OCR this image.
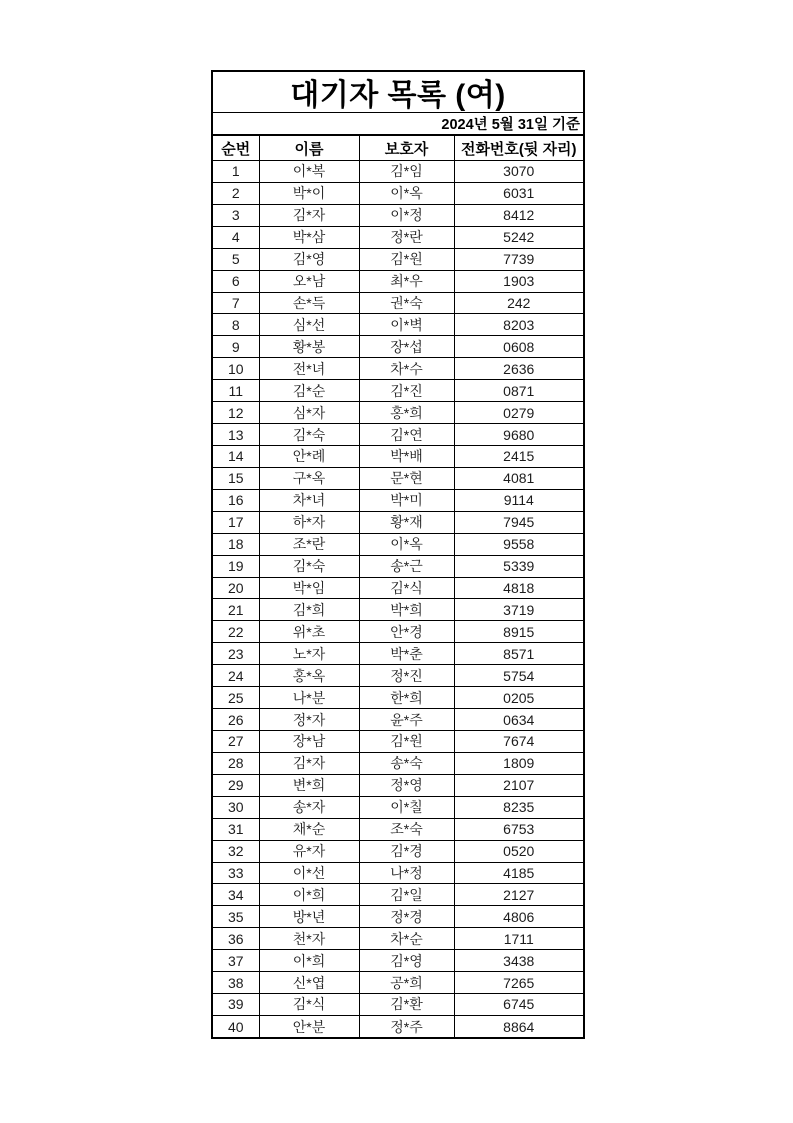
대기자 목록 (여)
2024년 5월 31일 기준
순번	이름	보호자	전화번호(뒷 자리)
1	이*복	김*임	3070
2	박*이	이*옥	6031
3	김*자	이*정	8412
4	박*삼	정*란	5242
5	김*영	김*원	7739
6	오*남	최*우	1903
7	손*득	권*숙	242
8	심*선	이*벽	8203
9	황*봉	장*섭	0608
10	전*녀	차*수	2636
11	김*순	김*진	0871
12	심*자	홍*희	0279
13	김*숙	김*연	9680
14	안*례	박*배	2415
15	구*옥	문*현	4081
16	차*녀	박*미	9114
17	하*자	황*재	7945
18	조*란	이*옥	9558
19	김*숙	송*근	5339
20	박*임	김*식	4818
21	김*희	박*희	3719
22	위*초	안*경	8915
23	노*자	박*춘	8571
24	홍*옥	정*진	5754
25	나*분	한*희	0205
26	정*자	윤*주	0634
27	장*남	김*원	7674
28	김*자	송*숙	1809
29	변*희	정*영	2107
30	송*자	이*칠	8235
31	채*순	조*숙	6753
32	유*자	김*경	0520
33	이*선	나*정	4185
34	이*희	김*일	2127
35	방*년	정*경	4806
36	천*자	차*순	1711
37	이*희	김*영	3438
38	신*엽	공*희	7265
39	김*식	김*환	6745
40	안*분	정*주	8864
